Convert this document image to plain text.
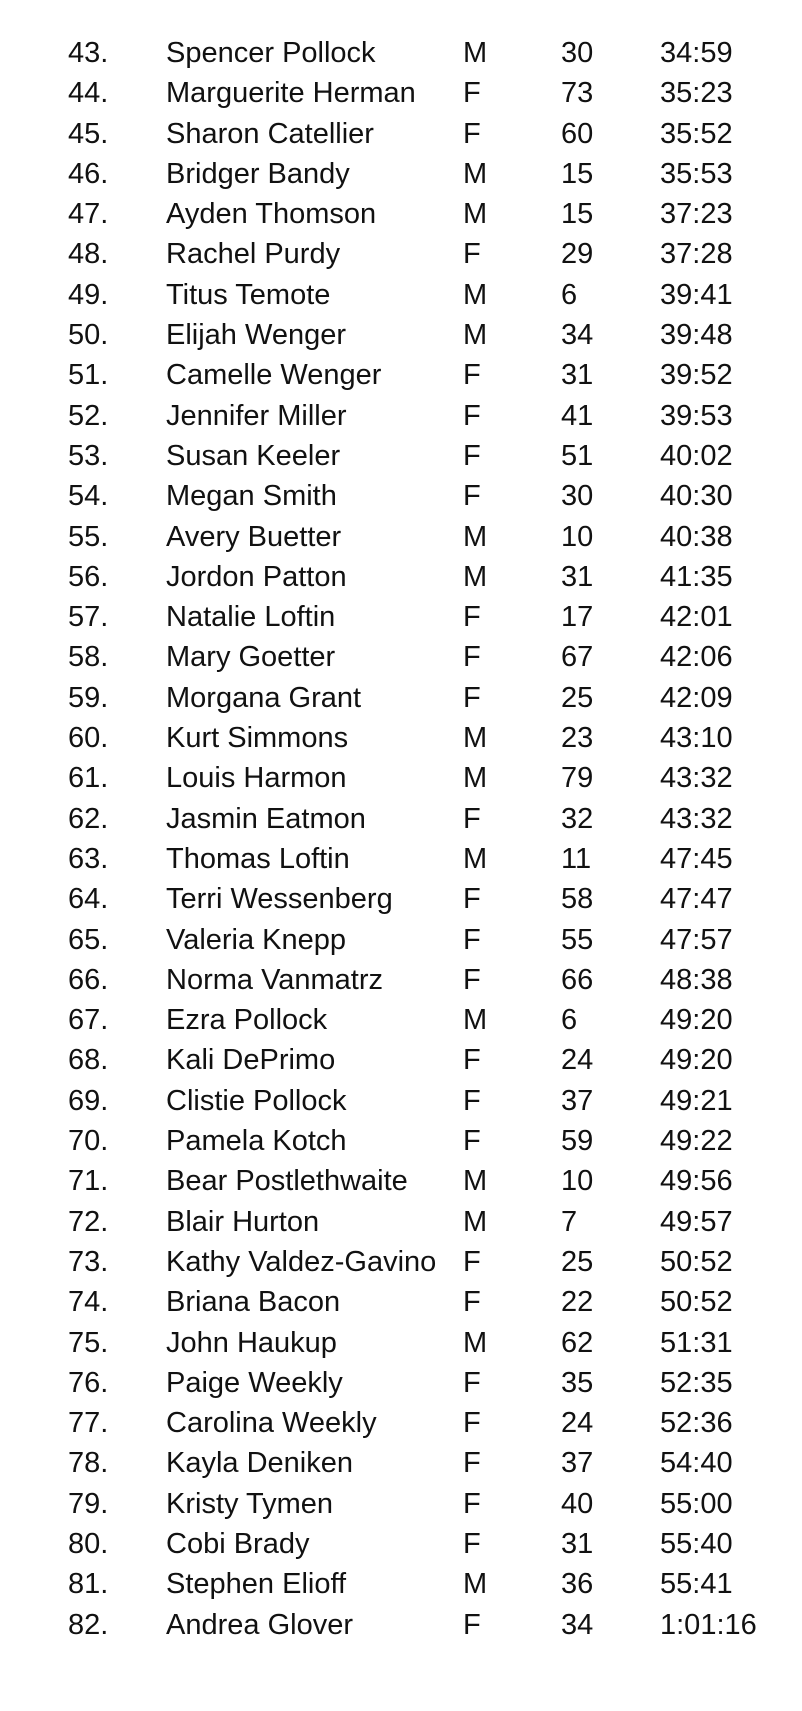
43. Spencer Pollock	M	30 34:59
44. Marguerite Herman F	73 35:23
45. Sharon Catellier	F	60 35:52
46. Bridger Bandy	M	15 35:53
47. Ayden Thomson	M	15 37:23
48. Rachel Purdy	F	29 37:28
49. Titus Temote	M	6	39:41
50. Elijah Wenger	M	34 39:48
51. Camelle Wenger	F	31 39:52
52. Jennifer Miller	F	41 39:53
53. Susan Keeler	F	51 40:02
54. Megan Smith	F	30 40:30
55. Avery Buetter	M	10 40:38
56. Jordon Patton	M	31 41:35
57. Natalie Loftin	F	17 42:01
58. Mary Goetter	F	67 42:06
59. Morgana Grant	F	25 42:09
60. Kurt Simmons	M	23 43:10
61. Louis Harmon	M	79 43:32
62. Jasmin Eatmon	F	32 43:32
63. Thomas Loftin	M	11 47:45
64. Terri Wessenberg F	58 47:47
65. Valeria Knepp	F	55 47:57
66. Norma Vanmatrz	F	66 48:38
67. Ezra Pollock	M	6	49:20
68. Kali DePrimo	F	24 49:20
69. Clistie Pollock	F	37 49:21
70. Pamela Kotch	F	59 49:22
71. Bear Postlethwaite M	10 49:56
72. Blair Hurton	M	7	49:57
73. Kathy Valdez-Gavino F	25 50:52
74. Briana Bacon	F	22 50:52
75. John Haukup	M	62 51:31
76. Paige Weekly	F	35 52:35
77. Carolina Weekly	F	24 52:36
78. Kayla Deniken	F	37 54:40
79. Kristy Tymen	F	40 55:00
80. Cobi Brady	F	31 55:40
81. Stephen Elioff	M	36 55:41
82. Andrea Glover	F	34 1:01:16
